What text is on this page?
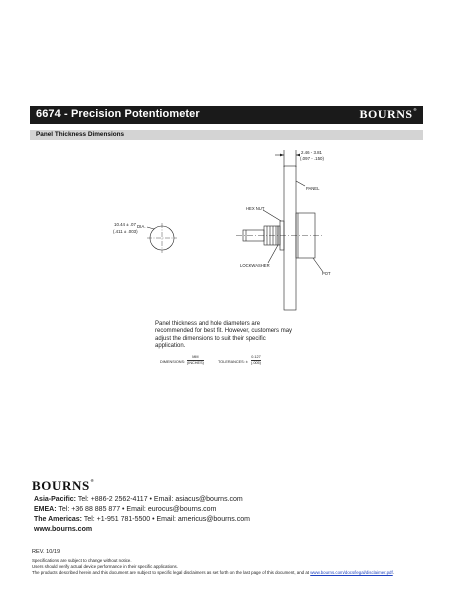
6674 - Precision Potentiometer	BOURNS®
Panel Thickness Dimensions
2.46 - 3.81
(.097 - .150)
PANEL
HEX NUT
LOCKWASHER
POT
10.44 ± .07 DIA.
(.411 ± .003)
Panel thickness and hole diameters are recommended for best fit. However, customers may adjust the dimensions to suit their specific application.
DIMENSIONS:
MM
(INCHES)	TOLERANCES: ± $\frac{0.127}{(.005)}$
BOURNS®
Asia-Pacific: Tel: +886-2 2562-4117 • Email: asiacus@bourns.com
EMEA: Tel: +36 88 885 877 • Email: eurocus@bourns.com
The Americas: Tel: +1-951 781-5500 • Email: americus@bourns.com
www.bourns.com
REV. 10/19
Specifications are subject to change without notice.
Users should verify actual device performance in their specific applications.
The products described herein and this document are subject to specific legal disclaimers as set forth on the last page of this document, and at www.bourns.com/docs/legal/disclaimer.pdf.
